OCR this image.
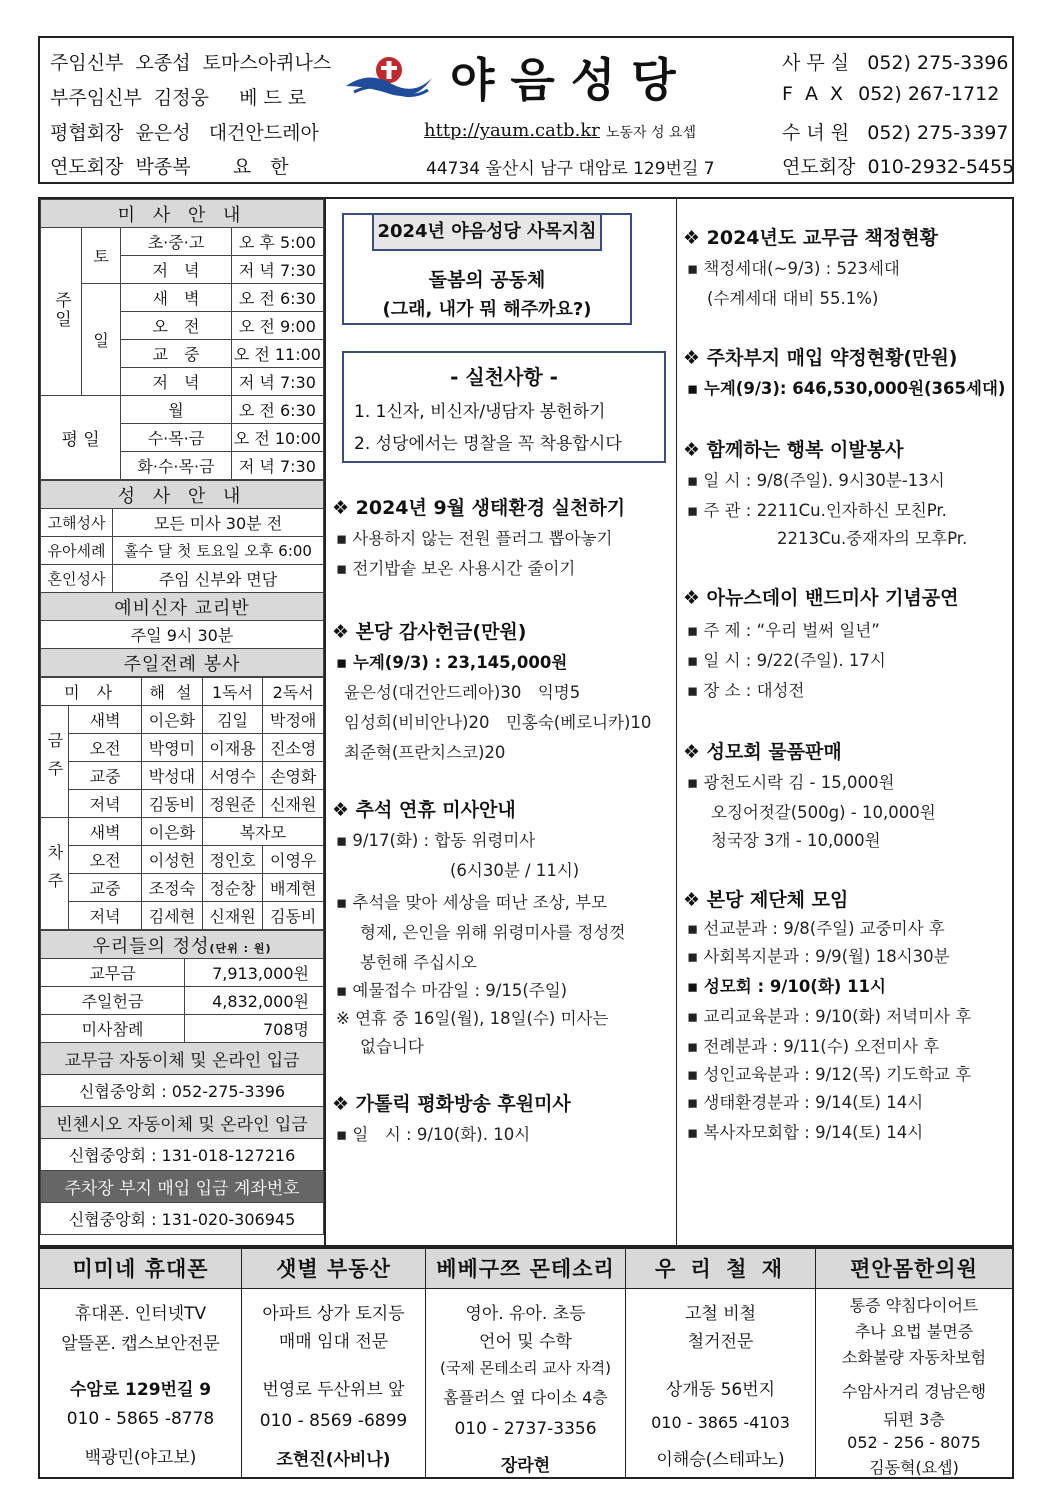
주임신부 오종섭 토마스아퀴나스
부주임신부 김정웅 베 드 로
평협회장 윤은성 대건안드레아
연도회장 박종복 요　한
야음성당
http://yaum.catb.kr 노동자 성 요셉
44734 울산시 남구 대암로 129번길 7
사 무 실 052) 275-3396
F A X 052) 267-1712
수 녀 원 052) 275-3397
연도회장 010-2932-5455
미 사 안 내			
주일	토	초·중·고	오 후 5:00
		저　녁	저 녁 7:30
	일	새　벽	오 전 6:30
		오　전	오 전 9:00
		교　중	오 전 11:00
		저　녁	저 녁 7:30
평 일		월	오 전 6:30
		수·목·금	오 전 10:00
		화·수·목·금	저 녁 7:30
성 사 안 내	
고해성사	모든 미사 30분 전
유아세례	홀수 달 첫 토요일 오후 6:00
혼인성사	주임 신부와 면담
예비신자 교리반	
주일 9시 30분	
주일전례 봉사	
미 사		해 설	1독서	2독서
금주	새벽	이은화	김일	박정애
	오전	박영미	이재용	진소영
	교중	박성대	서영수	손영화
	저녁	김동비	정원준	신재원
차주	새벽	이은화	복자모	
	오전	이성헌	정인호	이영우
	교중	조정숙	정순창	배계현
	저녁	김세현	신재원	김동비
우리들의 정성(단위 : 원)	
교무금	7,913,000원
주일헌금	4,832,000원
미사참례	708명
교무금 자동이체 및 온라인 입금	
신협중앙회 : 052-275-3396	
빈첸시오 자동이체 및 온라인 입금	
신협중앙회 : 131-018-127216	
주차장 부지 매입 입금 계좌번호	
신협중앙회 : 131-020-306945	
2024년 야음성당 사목지침
돌봄의 공동체
(그래, 내가 뭐 해주까요?)
- 실천사항 -
1. 1신자, 비신자/냉담자 봉헌하기
2. 성당에서는 명찰을 꼭 착용합시다
❖ 2024년 9월 생태환경 실천하기
▪ 사용하지 않는 전원 플러그 뽑아놓기
▪ 전기밥솥 보온 사용시간 줄이기
❖ 본당 감사헌금(만원)
▪ 누계(9/3) : 23,145,000원
윤은성(대건안드레아)30　익명5
임성희(비비안나)20　민홍숙(베로니카)10
최준혁(프란치스코)20
❖ 추석 연휴 미사안내
▪ 9/17(화) : 합동 위령미사
(6시30분 / 11시)
▪ 추석을 맞아 세상을 떠난 조상, 부모
형제, 은인을 위해 위령미사를 정성껏
봉헌해 주십시오
▪ 예물접수 마감일 : 9/15(주일)
※ 연휴 중 16일(월), 18일(수) 미사는
없습니다
❖ 가톨릭 평화방송 후원미사
▪ 일　시 : 9/10(화). 10시
❖ 2024년도 교무금 책정현황
▪ 책정세대(~9/3) : 523세대
(수계세대 대비 55.1%)
❖ 주차부지 매입 약정현황(만원)
▪ 누계(9/3): 646,530,000원(365세대)
❖ 함께하는 행복 이발봉사
▪ 일 시 : 9/8(주일). 9시30분-13시
▪ 주 관 : 2211Cu.인자하신 모친Pr.
2213Cu.중재자의 모후Pr.
❖ 아뉴스데이 밴드미사 기념공연
▪ 주 제 : “우리 벌써 일년”
▪ 일 시 : 9/22(주일). 17시
▪ 장 소 : 대성전
❖ 성모회 물품판매
▪ 광천도시락 김 - 15,000원
오징어젓갈(500g) - 10,000원
청국장 3개 - 10,000원
❖ 본당 제단체 모임
▪ 선교분과 : 9/8(주일) 교중미사 후
▪ 사회복지분과 : 9/9(월) 18시30분
▪ 성모회 : 9/10(화) 11시
▪ 교리교육분과 : 9/10(화) 저녁미사 후
▪ 전례분과 : 9/11(수) 오전미사 후
▪ 성인교육분과 : 9/12(목) 기도학교 후
▪ 생태환경분과 : 9/14(토) 14시
▪ 복사자모회합 : 9/14(토) 14시
미미네 휴대폰
휴대폰. 인터넷TV
알뜰폰. 캡스보안전문
수암로 129번길 9
010 - 5865 -8778
백광민(야고보)
샛별 부동산
아파트 상가 토지등
매매 임대 전문
번영로 두산위브 앞
010 - 8569 -6899
조현진(사비나)
베베구쯔 몬테소리
영아. 유아. 초등
언어 및 수학
(국제 몬테소리 교사 자격)
홈플러스 옆 다이소 4층
010 - 2737-3356
장라현
우 리 철 재
고철 비철
철거전문
상개동 56번지
010 - 3865 -4103
이해승(스테파노)
편안몸한의원
통증 약침다이어트
추나 요법 불면증
소화불량 자동차보험
수암사거리 경남은행
뒤편 3층
052 - 256 - 8075
김동혁(요셉)
